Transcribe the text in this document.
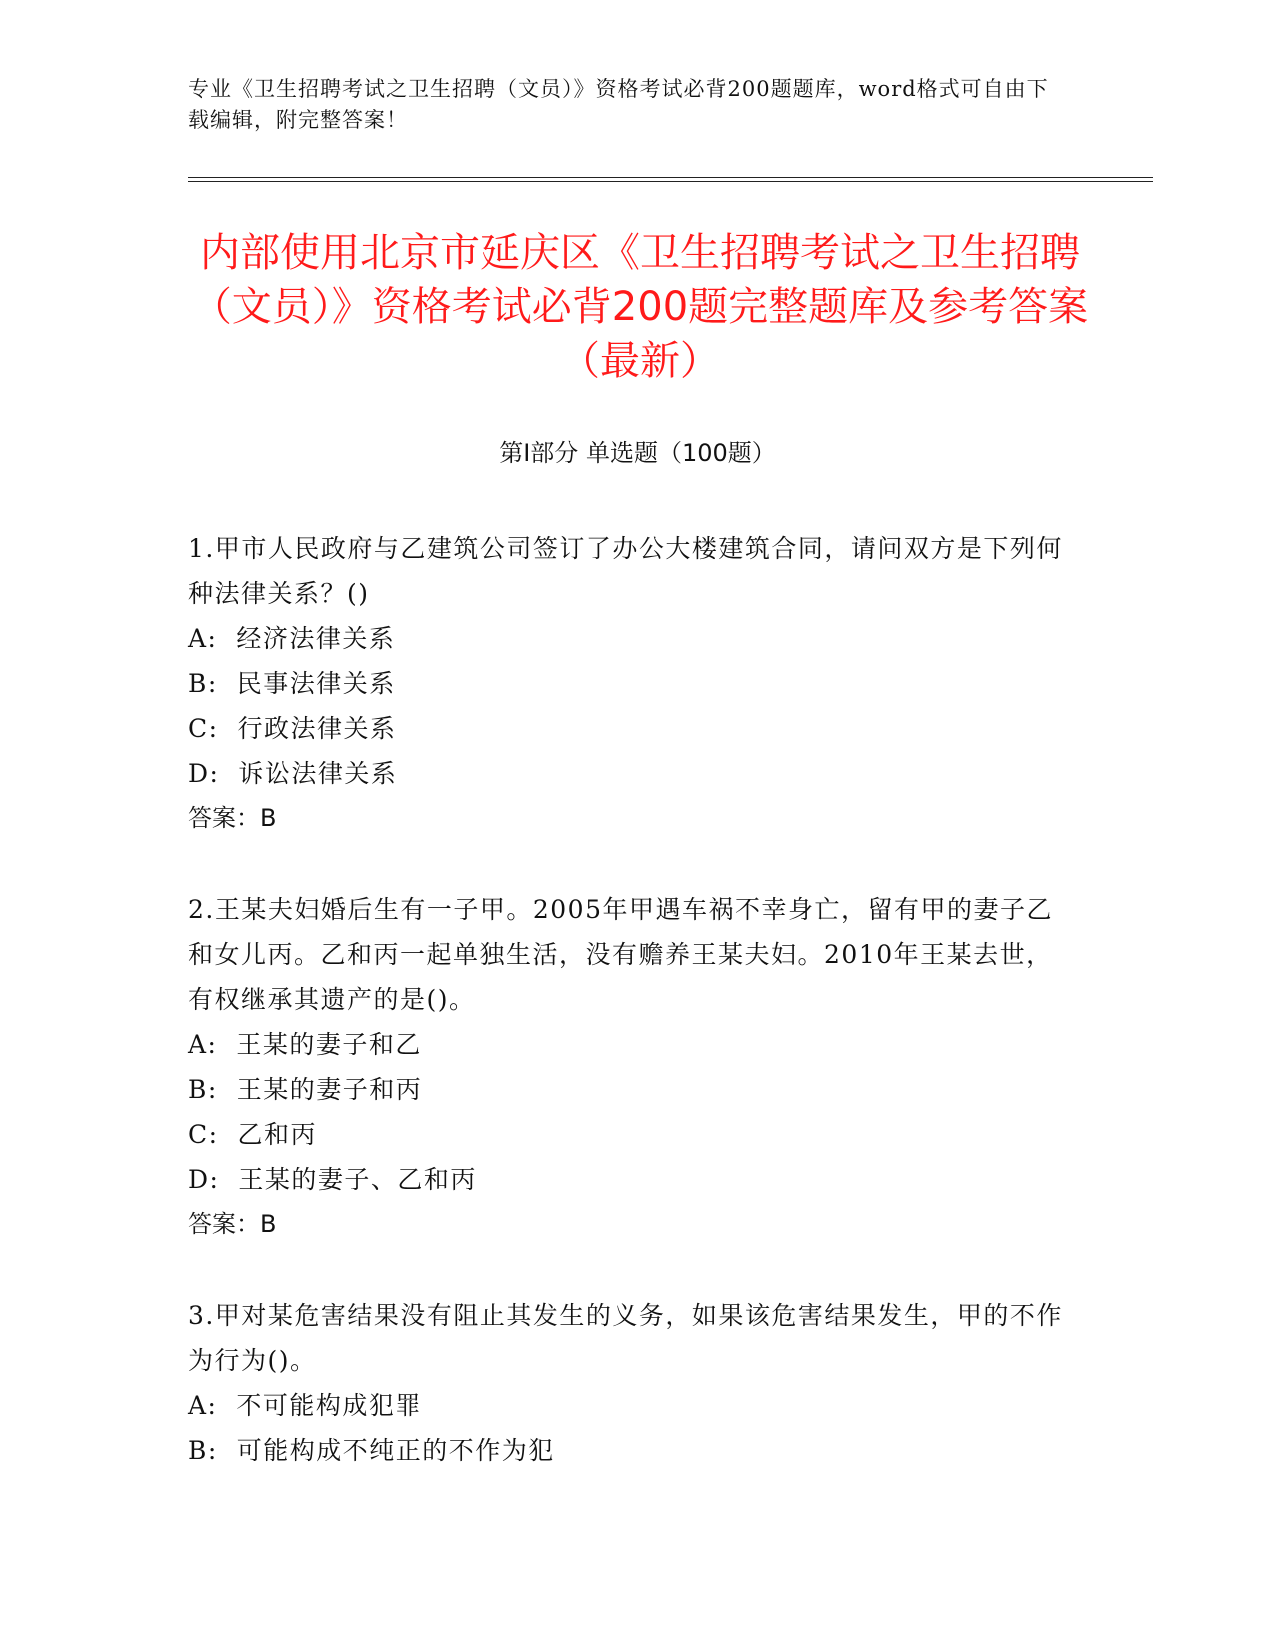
专业《卫生招聘考试之卫生招聘（文员）》资格考试必背200题题库，word格式可自由下载编辑，附完整答案！
内部使用北京市延庆区《卫生招聘考试之卫生招聘（文员）》资格考试必背200题完整题库及参考答案（最新）
第Ⅰ部分 单选题（100题）
1.甲市人民政府与乙建筑公司签订了办公大楼建筑合同，请问双方是下列何种法律关系？()
A:  经济法律关系
B:  民事法律关系
C:  行政法律关系
D:  诉讼法律关系
答案：B
2.王某夫妇婚后生有一子甲。2005年甲遇车祸不幸身亡，留有甲的妻子乙和女儿丙。乙和丙一起单独生活，没有赡养王某夫妇。2010年王某去世，有权继承其遗产的是()。
A:  王某的妻子和乙
B:  王某的妻子和丙
C:  乙和丙
D:  王某的妻子、乙和丙
答案：B
3.甲对某危害结果没有阻止其发生的义务，如果该危害结果发生，甲的不作为行为()。
A:  不可能构成犯罪
B:  可能构成不纯正的不作为犯
